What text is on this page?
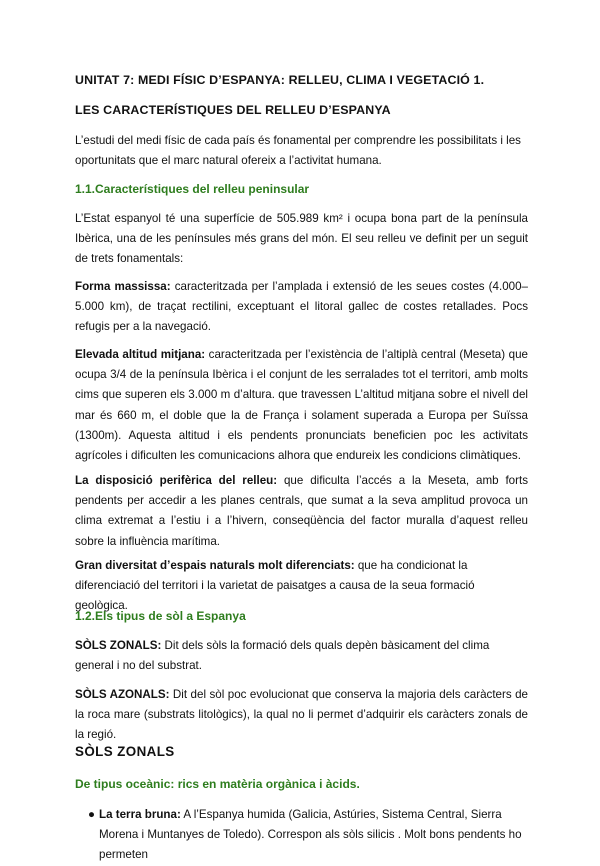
UNITAT 7: MEDI FÍSIC D’ESPANYA: RELLEU, CLIMA I VEGETACIÓ 1.

LES CARACTERÍSTIQUES DEL RELLEU D’ESPANYA

L’estudi del medi físic de cada país és fonamental per comprendre les possibilitats i les oportunitats que el marc natural ofereix a l’activitat humana.

1.1.Característiques del relleu peninsular

L’Estat espanyol té una superfície de 505.989 km² i ocupa bona part de la península Ibèrica, una de les penínsules més grans del món. El seu relleu ve definit per un seguit de trets fonamentals:

Forma massissa: caracteritzada per l’amplada i extensió de les seues costes (4.000– 5.000 km), de traçat rectilini, exceptuant el litoral gallec de costes retallades. Pocs refugis per a la navegació.

Elevada altitud mitjana: caracteritzada per l’existència de l’altiplà central (Meseta) que ocupa 3/4 de la península Ibèrica i el conjunt de les serralades tot el territori, amb molts cims que superen els 3.000 m d’altura. que travessen L’altitud mitjana sobre el nivell del mar és 660 m, el doble que la de França i solament superada a Europa per Suïssa (1300m). Aquesta altitud i els pendents pronunciats beneficien poc les activitats agrícoles i dificulten les comunicacions alhora que endureix les condicions climàtiques.

La disposició perifèrica del relleu: que dificulta l’accés a la Meseta, amb forts pendents per accedir a les planes centrals, que sumat a la seva amplitud provoca un clima extremat a l’estiu i a l’hivern, conseqüència del factor muralla d’aquest relleu sobre la influència marítima.

Gran diversitat d’espais naturals molt diferenciats: que ha condicionat la diferenciació del territori i la varietat de paisatges a causa de la seua formació geològica.

1.2.Els tipus de sòl a Espanya

SÒLS ZONALS: Dit dels sòls la formació dels quals depèn bàsicament del clima general i no del substrat.

SÒLS AZONALS: Dit del sòl poc evolucionat que conserva la majoria dels caràcters de la roca mare (substrats litològics), la qual no li permet d’adquirir els caràcters zonals de la regió.

SÒLS ZONALS

De tipus oceànic: rics en matèria orgànica i àcids.

● La terra bruna: A l’Espanya humida (Galicia, Astúries, Sistema Central, Sierra Morena i Muntanyes de Toledo). Correspon als sòls silicis . Molt bons pendents ho permeten
